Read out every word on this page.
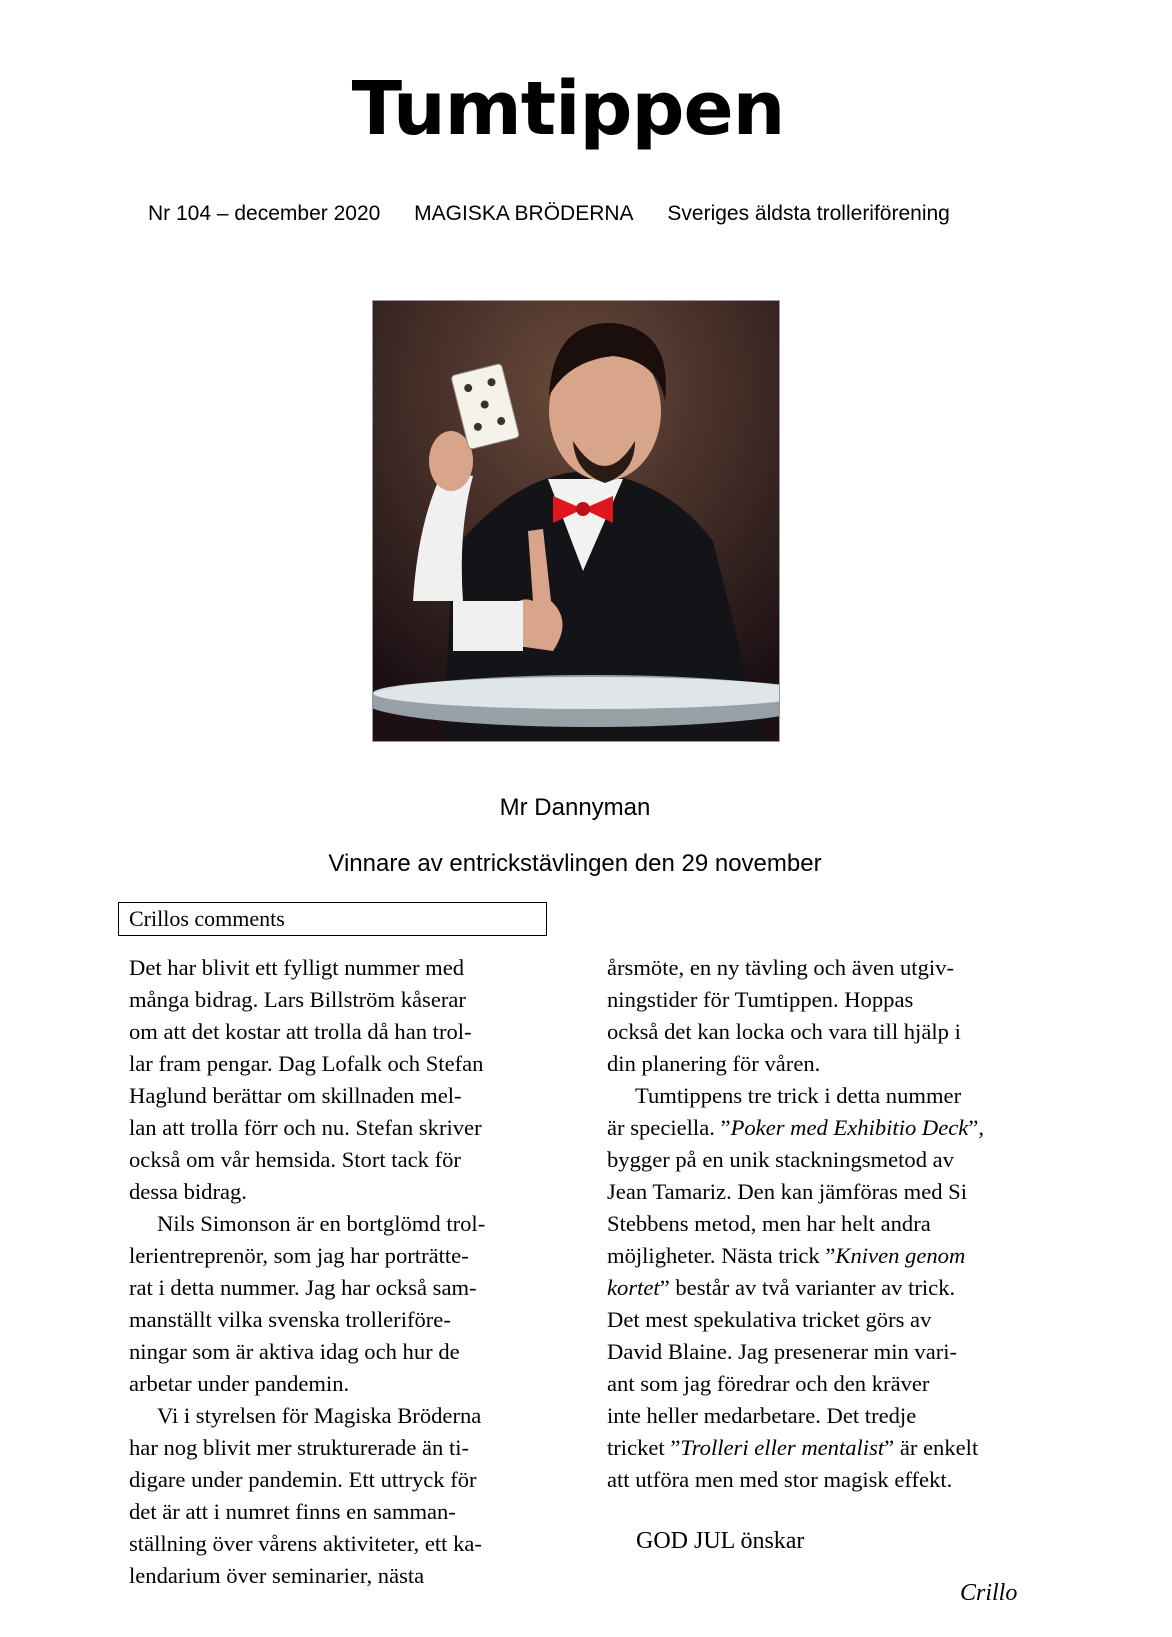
Tumtippen
Nr 104 – december 2020 MAGISKA BRÖDERNA Sveriges äldsta trolleriförening
Mr Dannyman
Vinnare av entrickstävlingen den 29 november
Crillos comments
Det har blivit ett fylligt nummer med
många bidrag. Lars Billström kåserar
om att det kostar att trolla då han trol-
lar fram pengar. Dag Lofalk och Stefan
Haglund berättar om skillnaden mel-
lan att trolla förr och nu. Stefan skriver
också om vår hemsida. Stort tack för
dessa bidrag.
Nils Simonson är en bortglömd trol-
lerientreprenör, som jag har porträtte-
rat i detta nummer. Jag har också sam-
manställt vilka svenska trolleriföre-
ningar som är aktiva idag och hur de
arbetar under pandemin.
Vi i styrelsen för Magiska Bröderna
har nog blivit mer strukturerade än ti-
digare under pandemin. Ett uttryck för
det är att i numret finns en samman-
ställning över vårens aktiviteter, ett ka-
lendarium över seminarier, nästa
årsmöte, en ny tävling och även utgiv-
ningstider för Tumtippen. Hoppas
också det kan locka och vara till hjälp i
din planering för våren.
Tumtippens tre trick i detta nummer
är speciella. ”Poker med Exhibitio Deck”,
bygger på en unik stackningsmetod av
Jean Tamariz. Den kan jämföras med Si
Stebbens metod, men har helt andra
möjligheter. Nästa trick ”Kniven genom
kortet” består av två varianter av trick.
Det mest spekulativa tricket görs av
David Blaine. Jag presenerar min vari-
ant som jag föredrar och den kräver
inte heller medarbetare. Det tredje
tricket ”Trolleri eller mentalist” är enkelt
att utföra men med stor magisk effekt.
GOD JUL önskar
Crillo
